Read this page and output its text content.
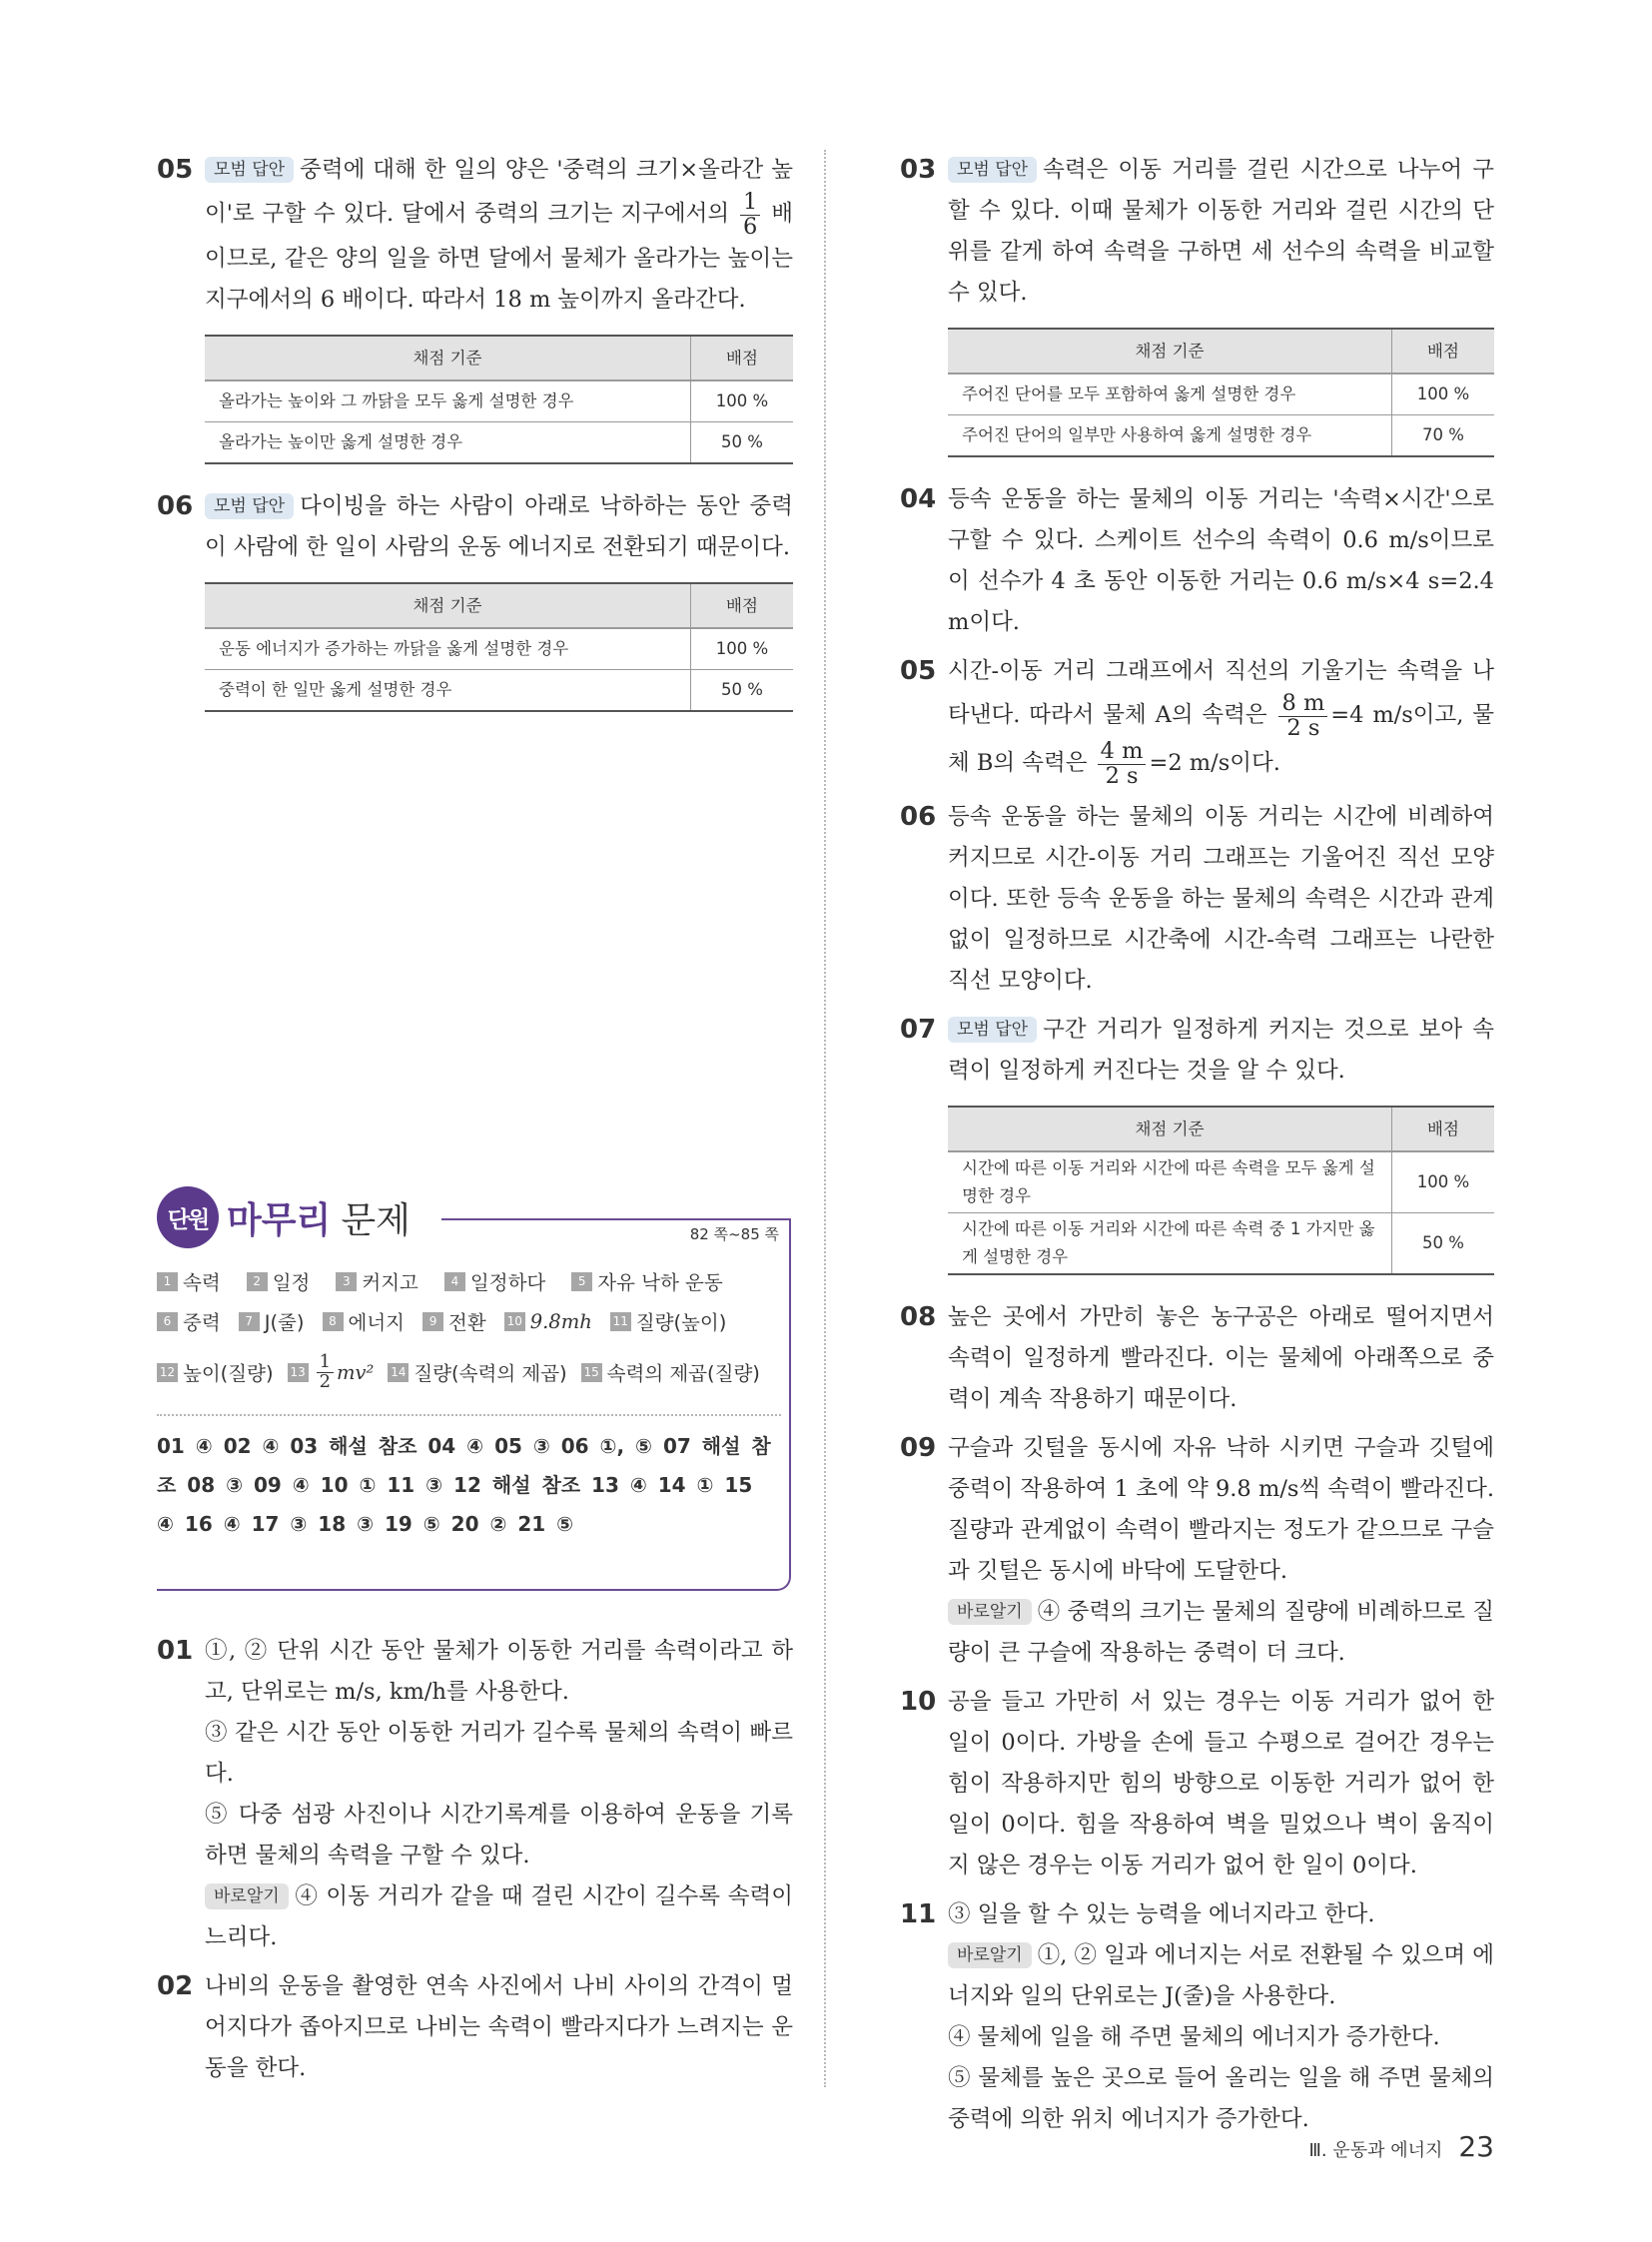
05	모범 답안 중력에 대해 한 일의 양은 '중력의 크기×올라간 높이'로 구할 수 있다. 달에서 중력의 크기는 지구에서의 $\frac{1}{6}$ 배이므로, 같은 양의 일을 하면 달에서 물체가 올라가는 높이는 지구에서의 6 배이다. 따라서 18 m 높이까지 올라간다.

채점 기준	배점
올라가는 높이와 그 까닭을 모두 옳게 설명한 경우	100 %
올라가는 높이만 옳게 설명한 경우	50 %
06	모범 답안 다이빙을 하는 사람이 아래로 낙하하는 동안 중력이 사람에 한 일이 사람의 운동 에너지로 전환되기 때문이다.

채점 기준	배점
운동 에너지가 증가하는 까닭을 옳게 설명한 경우	100 %
중력이 한 일만 옳게 설명한 경우	50 %
단원 마무리 문제	82 쪽~85 쪽
1 속력	2 일정	3 커지고	4 일정하다	5 자유 낙하 운동
6 중력	7 J(줄)	8 에너지	9 전환 10 9.8mh 11 질량(높이)
12 높이(질량) $13 \frac{1}{2} mv^2$ 14 질량(속력의 제곱) 15 속력의 제곱(질량)
01 ④ 02 ④ 03 해설 참조 04 ④ 05 ③ 06 ①, ⑤ 07 해설 참조 08 ③ 09 ④ 10 ① 11 ③ 12 해설 참조 13 ④ 14 ① 15 ④ 16 ④ 17 ③ 18 ③ 19 ⑤ 20 ② 21 ⑤
01 ①, ② 단위 시간 동안 물체가 이동한 거리를 속력이라고 하고, 단위로는 m/s, km/h를 사용한다.

③ 같은 시간 동안 이동한 거리가 길수록 물체의 속력이 빠르다.

⑤ 다중 섬광 사진이나 시간기록계를 이용하여 운동을 기록하면 물체의 속력을 구할 수 있다.

바로알기 ④ 이동 거리가 같을 때 걸린 시간이 길수록 속력이 느리다.

02 나비의 운동을 촬영한 연속 사진에서 나비 사이의 간격이 멀어지다가 좁아지므로 나비는 속력이 빨라지다가 느려지는 운동을 한다.

03	모범 답안 속력은 이동 거리를 걸린 시간으로 나누어 구할 수 있다. 이때 물체가 이동한 거리와 걸린 시간의 단위를 같게 하여 속력을 구하면 세 선수의 속력을 비교할 수 있다.

채점 기준	배점
주어진 단어를 모두 포함하여 옳게 설명한 경우	100 %
주어진 단어의 일부만 사용하여 옳게 설명한 경우	70 %
04 등속 운동을 하는 물체의 이동 거리는 '속력×시간'으로 구할 수 있다. 스케이트 선수의 속력이 0.6 m/s이므로 이 선수가 4 초 동안 이동한 거리는 0.6 m/s×4 s=2.4 m이다.

05 시간-이동 거리 그래프에서 직선의 기울기는 속력을 나타낸다. 따라서 물체 A의 속력은 $\frac{8 m}{2 s} =4$ m/s이고, 물체 B의 속력은 $\frac{4 m}{2 s} =2$ m/s이다.

06 등속 운동을 하는 물체의 이동 거리는 시간에 비례하여 커지므로 시간-이동 거리 그래프는 기울어진 직선 모양이다. 또한 등속 운동을 하는 물체의 속력은 시간과 관계없이 일정하므로 시간축에 시간-속력 그래프는 나란한 직선 모양이다.

07	모범 답안 구간 거리가 일정하게 커지는 것으로 보아 속력이 일정하게 커진다는 것을 알 수 있다.

채점 기준	배점
시간에 따른 이동 거리와 시간에 따른 속력을 모두 옳게 설명한 경우	100 %
시간에 따른 이동 거리와 시간에 따른 속력 중 1 가지만 옳게 설명한 경우	50 %
08 높은 곳에서 가만히 놓은 농구공은 아래로 떨어지면서 속력이 일정하게 빨라진다. 이는 물체에 아래쪽으로 중력이 계속 작용하기 때문이다.

09 구슬과 깃털을 동시에 자유 낙하 시키면 구슬과 깃털에 중력이 작용하여 1 초에 약 9.8 m/s씩 속력이 빨라진다. 질량과 관계없이 속력이 빨라지는 정도가 같으므로 구슬과 깃털은 동시에 바닥에 도달한다.

바로알기 ④ 중력의 크기는 물체의 질량에 비례하므로 질량이 큰 구슬에 작용하는 중력이 더 크다.

10 공을 들고 가만히 서 있는 경우는 이동 거리가 없어 한 일이 0이다. 가방을 손에 들고 수평으로 걸어간 경우는 힘이 작용하지만 힘의 방향으로 이동한 거리가 없어 한 일이 0이다. 힘을 작용하여 벽을 밀었으나 벽이 움직이지 않은 경우는 이동 거리가 없어 한 일이 0이다.

11 ③ 일을 할 수 있는 능력을 에너지라고 한다.

바로알기 ①, ② 일과 에너지는 서로 전환될 수 있으며 에너지와 일의 단위로는 J(줄)을 사용한다.

④ 물체에 일을 해 주면 물체의 에너지가 증가한다.

⑤ 물체를 높은 곳으로 들어 올리는 일을 해 주면 물체의 중력에 의한 위치 에너지가 증가한다.

Ⅲ. 운동과 에너지 23
